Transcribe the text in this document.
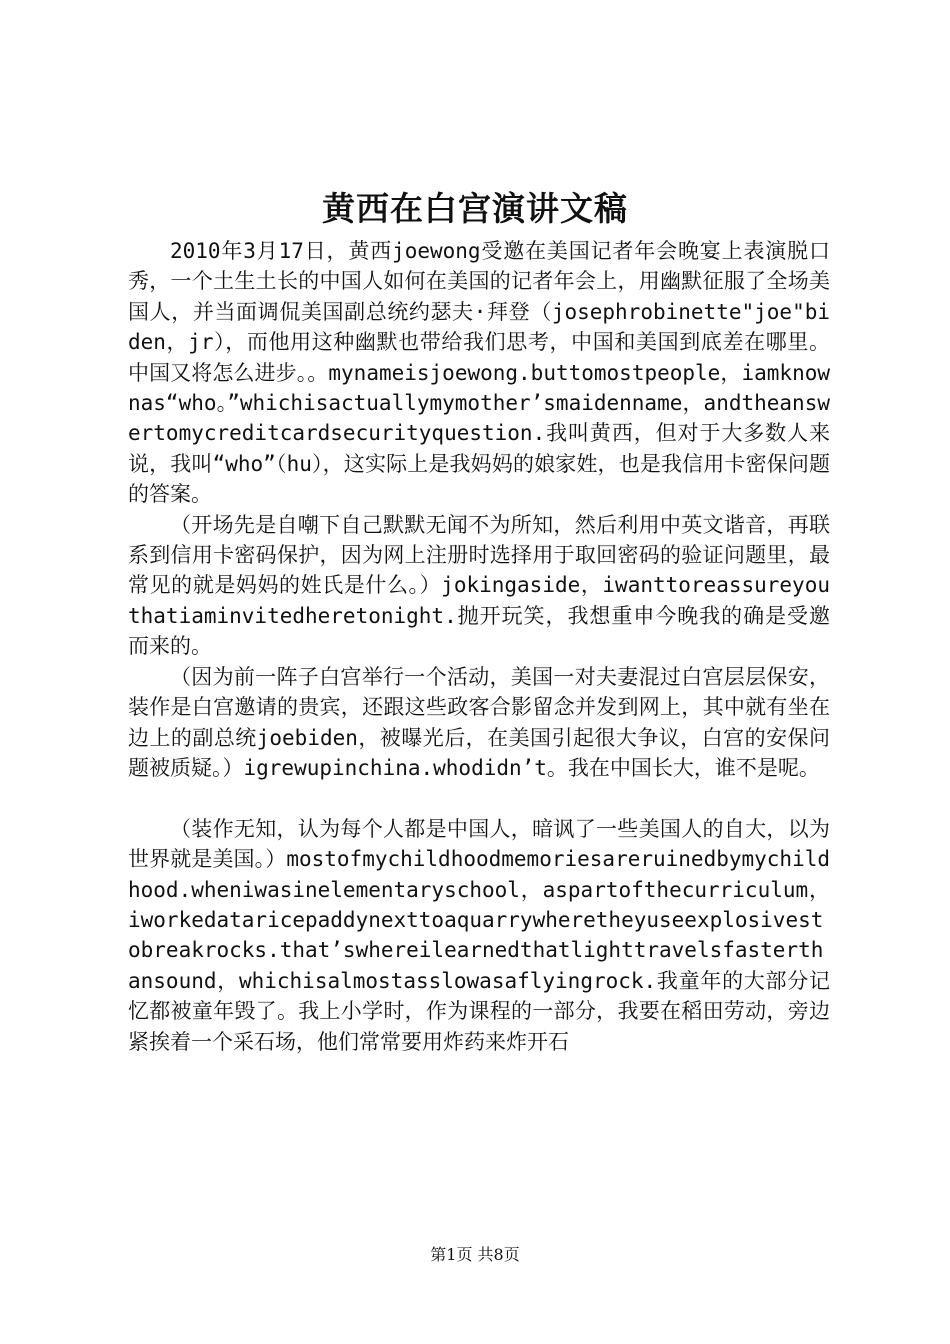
黄西在白宫演讲文稿

2010年3月17日，黄西joewong受邀在美国记者年会晚宴上表演脱口秀，一个土生土长的中国人如何在美国的记者年会上，用幽默征服了全场美国人，并当面调侃美国副总统约瑟夫·拜登（josephrobinette"joe"biden，jr），而他用这种幽默也带给我们思考，中国和美国到底差在哪里。中国又将怎么进步。。mynameisjoewong.buttomostpeople，iamknownas“who。”whichisactuallymymother’smaidenname，andtheanswertomycreditcardsecurityquestion.我叫黄西，但对于大多数人来说，我叫“who”（hu），这实际上是我妈妈的娘家姓，也是我信用卡密保问题的答案。

（开场先是自嘲下自己默默无闻不为所知，然后利用中英文谐音，再联系到信用卡密码保护，因为网上注册时选择用于取回密码的验证问题里，最常见的就是妈妈的姓氏是什么。）jokingaside，iwanttoreassureyouthatiaminvitedheretonight.抛开玩笑，我想重申今晚我的确是受邀而来的。

（因为前一阵子白宫举行一个活动，美国一对夫妻混过白宫层层保安，装作是白宫邀请的贵宾，还跟这些政客合影留念并发到网上，其中就有坐在边上的副总统joebiden，被曝光后，在美国引起很大争议，白宫的安保问题被质疑。）igrewupinchina.whodidn’t。我在中国长大，谁不是呢。

（装作无知，认为每个人都是中国人，暗讽了一些美国人的自大，以为世界就是美国。）mostofmychildhoodmemoriesareruinedbymychildhood.wheniwasinelementaryschool，aspartofthecurriculum，iworkedataricepaddynexttoaquarrywheretheyuseexplosivestobreakrocks.that’swhereilearnedthatlighttravelsfasterthansound，whichisalmostasslowasaflyingrock.我童年的大部分记忆都被童年毁了。我上小学时，作为课程的一部分，我要在稻田劳动，旁边紧挨着一个采石场，他们常常要用炸药来炸开石

第1页 共8页
